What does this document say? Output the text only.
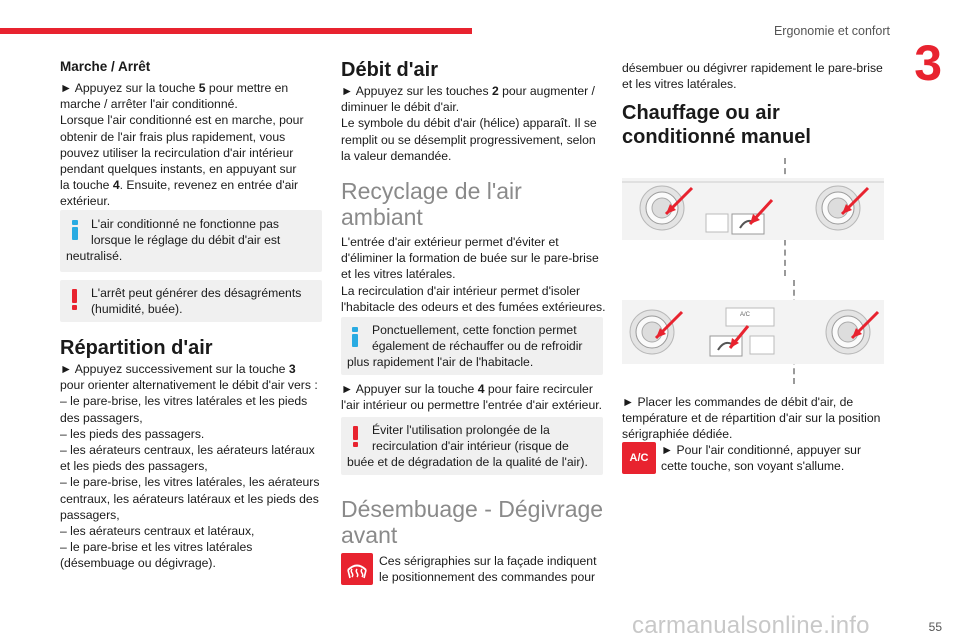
Ergonomie et confort
3
Marche / Arrêt
► Appuyez sur la touche 5 pour mettre en
marche / arrêter l'air conditionné.
Lorsque l'air conditionné est en marche, pour
obtenir de l'air frais plus rapidement, vous
pouvez utiliser la recirculation d'air intérieur
pendant quelques instants, en appuyant sur
la touche 4. Ensuite, revenez en entrée d'air
extérieur.
L'air conditionné ne fonctionne pas
lorsque le réglage du débit d'air est
neutralisé.
L'arrêt peut générer des désagréments
(humidité, buée).
Répartition d'air
► Appuyez successivement sur la touche 3
pour orienter alternativement le débit d'air vers :
– le pare-brise, les vitres latérales et les pieds
des passagers,
– les pieds des passagers.
– les aérateurs centraux, les aérateurs latéraux
et les pieds des passagers,
– le pare-brise, les vitres latérales, les aérateurs
centraux, les aérateurs latéraux et les pieds des
passagers,
– les aérateurs centraux et latéraux,
– le pare-brise et les vitres latérales
(désembuage ou dégivrage).
Débit d'air
► Appuyez sur les touches 2 pour augmenter /
diminuer le débit d'air.
Le symbole du débit d'air (hélice) apparaît. Il se
remplit ou se désemplit progressivement, selon
la valeur demandée.
Recyclage de l'air
ambiant
L'entrée d'air extérieur permet d'éviter et
d'éliminer la formation de buée sur le pare-brise
et les vitres latérales.
La recirculation d'air intérieur permet d'isoler
l'habitacle des odeurs et des fumées extérieures.
Ponctuellement, cette fonction permet
également de réchauffer ou de refroidir
plus rapidement l'air de l'habitacle.
► Appuyer sur la touche 4 pour faire recirculer
l'air intérieur ou permettre l'entrée d'air extérieur.
Éviter l'utilisation prolongée de la
recirculation d'air intérieur (risque de
buée et de dégradation de la qualité de l'air).
Désembuage - Dégivrage
avant
Ces sérigraphies sur la façade indiquent
le positionnement des commandes pour
désembuer ou dégivrer rapidement le pare-brise
et les vitres latérales.
Chauffage ou air
conditionné manuel
A/C
► Placer les commandes de débit d'air, de
température et de répartition d'air sur la position
sérigraphiée dédiée.
A/C
► Pour l'air conditionné, appuyer sur
cette touche, son voyant s'allume.
carmanualsonline.info	55
